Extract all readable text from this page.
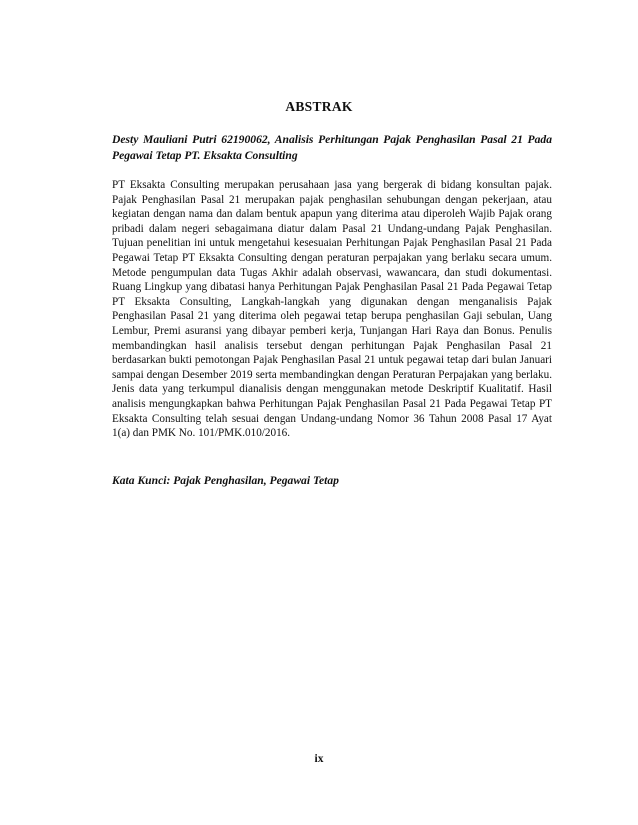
ABSTRAK

Desty Mauliani Putri 62190062, Analisis Perhitungan Pajak Penghasilan Pasal 21 Pada Pegawai Tetap PT. Eksakta Consulting

PT Eksakta Consulting merupakan perusahaan jasa yang bergerak di bidang konsultan pajak. Pajak Penghasilan Pasal 21 merupakan pajak penghasilan sehubungan dengan pekerjaan, atau kegiatan dengan nama dan dalam bentuk apapun yang diterima atau diperoleh Wajib Pajak orang pribadi dalam negeri sebagaimana diatur dalam Pasal 21 Undang-undang Pajak Penghasilan. Tujuan penelitian ini untuk mengetahui kesesuaian Perhitungan Pajak Penghasilan Pasal 21 Pada Pegawai Tetap PT Eksakta Consulting dengan peraturan perpajakan yang berlaku secara umum. Metode pengumpulan data Tugas Akhir adalah observasi, wawancara, dan studi dokumentasi. Ruang Lingkup yang dibatasi hanya Perhitungan Pajak Penghasilan Pasal 21 Pada Pegawai Tetap PT Eksakta Consulting, Langkah-langkah yang digunakan dengan menganalisis Pajak Penghasilan Pasal 21 yang diterima oleh pegawai tetap berupa penghasilan Gaji sebulan, Uang Lembur, Premi asuransi yang dibayar pemberi kerja, Tunjangan Hari Raya dan Bonus. Penulis membandingkan hasil analisis tersebut dengan perhitungan Pajak Penghasilan Pasal 21 berdasarkan bukti pemotongan Pajak Penghasilan Pasal 21 untuk pegawai tetap dari bulan Januari sampai dengan Desember 2019 serta membandingkan dengan Peraturan Perpajakan yang berlaku. Jenis data yang terkumpul dianalisis dengan menggunakan metode Deskriptif Kualitatif. Hasil analisis mengungkapkan bahwa Perhitungan Pajak Penghasilan Pasal 21 Pada Pegawai Tetap PT Eksakta Consulting telah sesuai dengan Undang-undang Nomor 36 Tahun 2008 Pasal 17 Ayat 1(a) dan PMK No. 101/PMK.010/2016.

Kata Kunci: Pajak Penghasilan, Pegawai Tetap

ix
